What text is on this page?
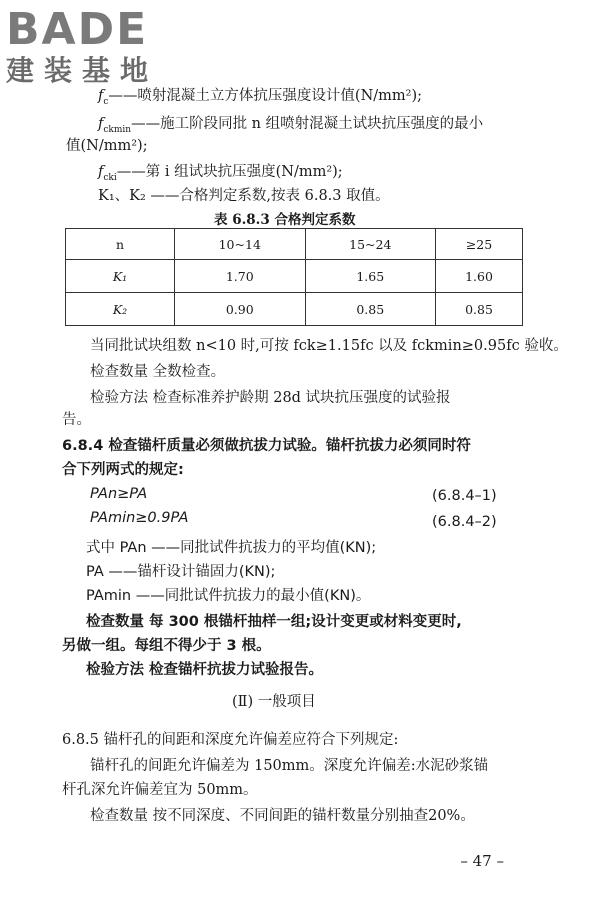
BADE
建装基地
$f_c——$喷射混凝土立方体抗压强度设计值(N/mm²);
$f_{ckmin}——$施工阶段同批 n 组喷射混凝土试块抗压强度的最小
值(N/mm²);
$f_{cki}——$第 i 组试块抗压强度(N/mm²);
K₁、K₂ ——合格判定系数,按表 6.8.3 取值。
表 6.8.3 合格判定系数
n	10~14	15~24	≥25
K₁	1.70	1.65	1.60
K₂	0.90	0.85	0.85
当同批试块组数 n<10 时,可按 fck≥1.15fc 以及 fckmin≥0.95fc 验收。
检查数量 全数检查。
检验方法 检查标准养护龄期 28d 试块抗压强度的试验报
告。
6.8.4 检查锚杆质量必须做抗拔力试验。锚杆抗拔力必须同时符
合下列两式的规定:
PAn≥PA	(6.8.4–1)
PAmin≥0.9PA	(6.8.4–2)
式中 PAn ——同批试件抗拔力的平均值(KN);
PA ——锚杆设计锚固力(KN);
PAmin ——同批试件抗拔力的最小值(KN)。
检查数量 每 300 根锚杆抽样一组;设计变更或材料变更时,
另做一组。每组不得少于 3 根。
检验方法 检查锚杆抗拔力试验报告。
(Ⅱ) 一般项目
6.8.5 锚杆孔的间距和深度允许偏差应符合下列规定:
锚杆孔的间距允许偏差为 150mm。深度允许偏差:水泥砂浆锚
杆孔深允许偏差宜为 50mm。
检查数量 按不同深度、不同间距的锚杆数量分别抽查20%。
– 47 –
